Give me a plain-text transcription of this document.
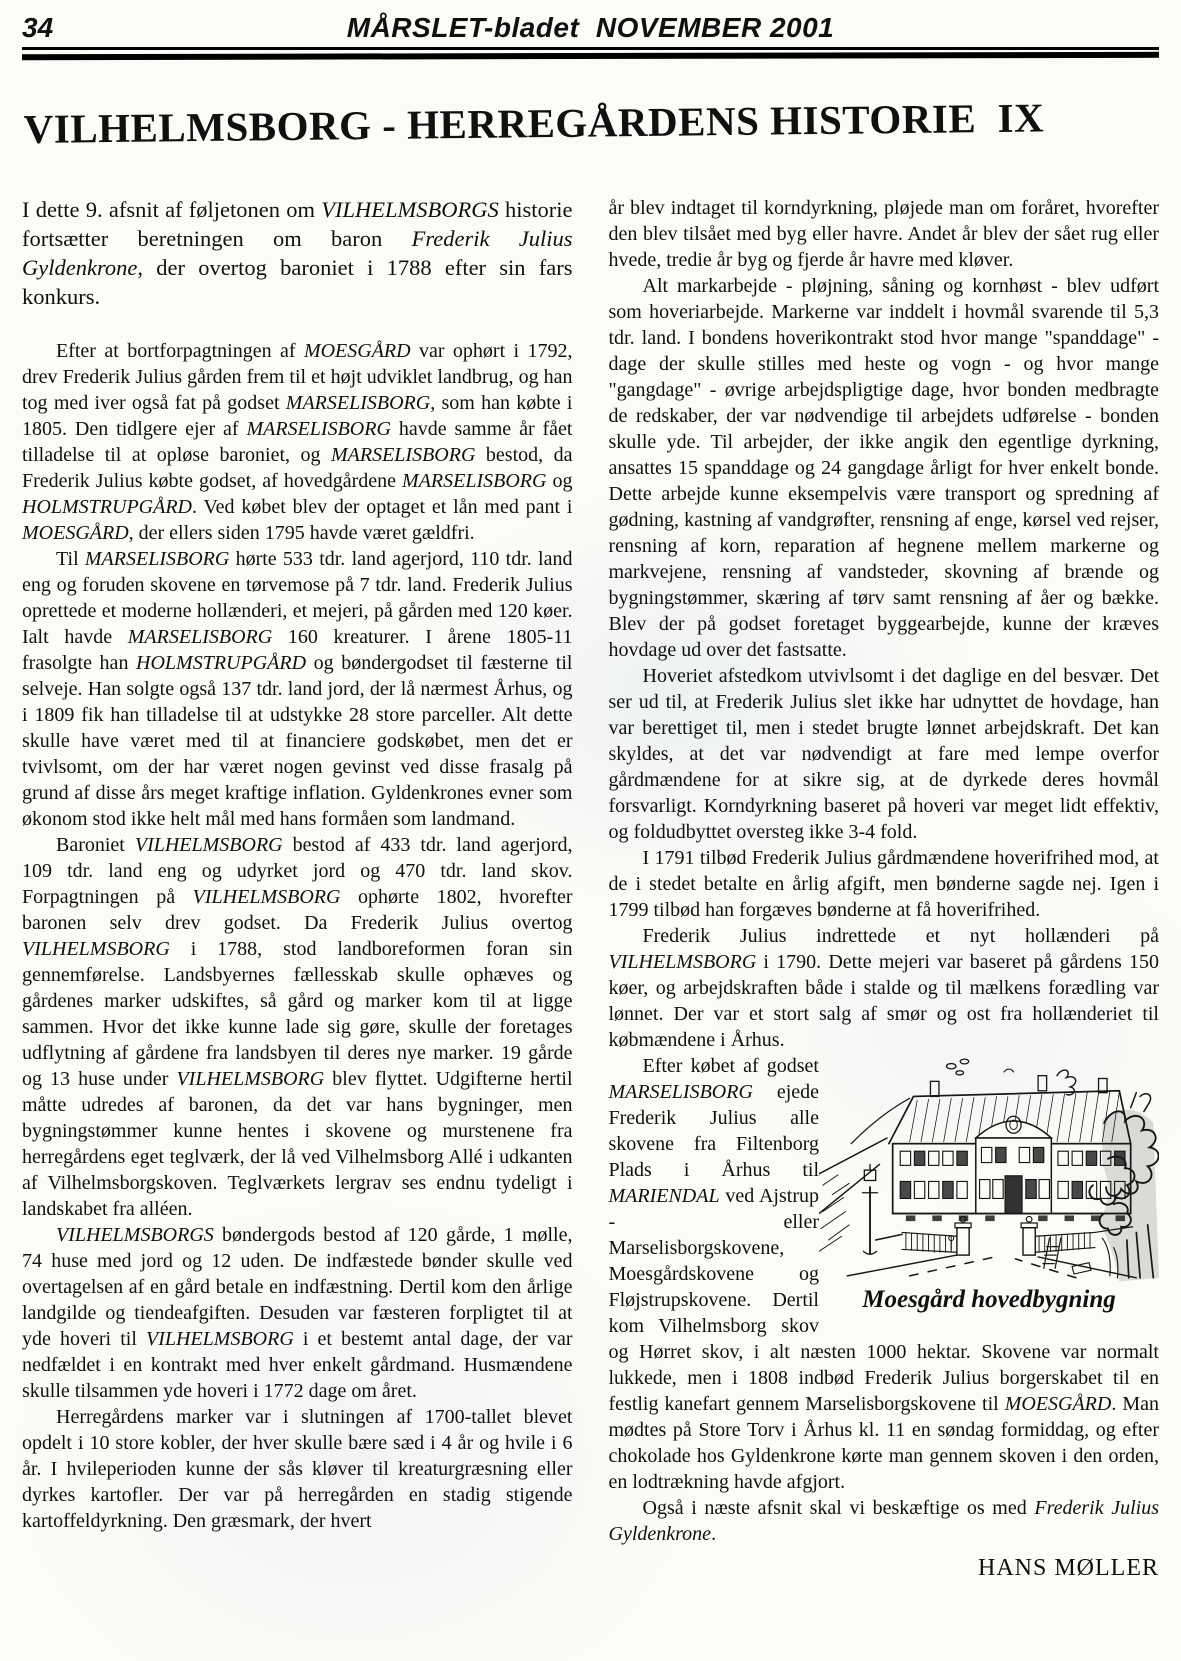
34	MÅRSLET-bladet  NOVEMBER 2001
VILHELMSBORG - HERREGÅRDENS HISTORIE  IX

I dette 9. afsnit af føljetonen om VILHELMSBORGS historie fortsætter beretningen om baron Frederik Julius Gyldenkrone, der overtog baroniet i 1788 efter sin fars konkurs.

Efter at bortforpagtningen af MOESGÅRD var ophørt i 1792, drev Frederik Julius gården frem til et højt udviklet landbrug, og han tog med iver også fat på godset MARSELISBORG, som han købte i 1805. Den tidlgere ejer af MARSELISBORG havde samme år fået tilladelse til at opløse baroniet, og MARSELISBORG bestod, da Frederik Julius købte godset, af hovedgårdene MARSELISBORG og HOLMSTRUPGÅRD. Ved købet blev der optaget et lån med pant i MOESGÅRD, der ellers siden 1795 havde været gældfri.

Til MARSELISBORG hørte 533 tdr. land agerjord, 110 tdr. land eng og foruden skovene en tørvemose på 7 tdr. land. Frederik Julius oprettede et moderne hollænderi, et mejeri, på gården med 120 køer. Ialt havde MARSELISBORG 160 kreaturer. I årene 1805-11 frasolgte han HOLMSTRUPGÅRD og bøndergodset til fæsterne til selveje. Han solgte også 137 tdr. land jord, der lå nærmest Århus, og i 1809 fik han tilladelse til at udstykke 28 store parceller. Alt dette skulle have været med til at financiere godskøbet, men det er tvivlsomt, om der har været nogen gevinst ved disse frasalg på grund af disse års meget kraftige inflation. Gyldenkrones evner som økonom stod ikke helt mål med hans formåen som landmand.

Baroniet VILHELMSBORG bestod af 433 tdr. land agerjord, 109 tdr. land eng og udyrket jord og 470 tdr. land skov. Forpagtningen på VILHELMSBORG ophørte 1802, hvorefter baronen selv drev godset. Da Frederik Julius overtog VILHELMSBORG i 1788, stod landboreformen foran sin gennemførelse. Landsbyernes fællesskab skulle ophæves og gårdenes marker udskiftes, så gård og marker kom til at ligge sammen. Hvor det ikke kunne lade sig gøre, skulle der foretages udflytning af gårdene fra landsbyen til deres nye marker. 19 gårde og 13 huse under VILHELMSBORG blev flyttet. Udgifterne hertil måtte udredes af baronen, da det var hans bygninger, men bygningstømmer kunne hentes i skovene og murstenene fra herregårdens eget teglværk, der lå ved Vilhelmsborg Allé i udkanten af Vilhelmsborgskoven. Teglværkets lergrav ses endnu tydeligt i landskabet fra alléen.

VILHELMSBORGS bøndergods bestod af 120 gårde, 1 mølle, 74 huse med jord og 12 uden. De indfæstede bønder skulle ved overtagelsen af en gård betale en indfæstning. Dertil kom den årlige landgilde og tiendeafgiften. Desuden var fæsteren forpligtet til at yde hoveri til VILHELMSBORG i et bestemt antal dage, der var nedfældet i en kontrakt med hver enkelt gårdmand. Husmændene skulle tilsammen yde hoveri i 1772 dage om året.

Herregårdens marker var i slutningen af 1700-tallet blevet opdelt i 10 store kobler, der hver skulle bære sæd i 4 år og hvile i 6 år. I hvileperioden kunne der sås kløver til kreaturgræsning eller dyrkes kartofler. Der var på herregården en stadig stigende kartoffeldyrkning. Den græsmark, der hvert

år blev indtaget til korndyrkning, pløjede man om foråret, hvorefter den blev tilsået med byg eller havre. Andet år blev der sået rug eller hvede, tredie år byg og fjerde år havre med kløver.

Alt markarbejde - pløjning, såning og kornhøst - blev udført som hoveriarbejde. Markerne var inddelt i hovmål svarende til 5,3 tdr. land. I bondens hoverikontrakt stod hvor mange "spanddage" - dage der skulle stilles med heste og vogn - og hvor mange "gangdage" - øvrige arbejdspligtige dage, hvor bonden medbragte de redskaber, der var nødvendige til arbejdets udførelse - bonden skulle yde. Til arbejder, der ikke angik den egentlige dyrkning, ansattes 15 spanddage og 24 gangdage årligt for hver enkelt bonde. Dette arbejde kunne eksempelvis være transport og spredning af gødning, kastning af vandgrøfter, rensning af enge, kørsel ved rejser, rensning af korn, reparation af hegnene mellem markerne og markvejene, rensning af vandsteder, skovning af brænde og bygningstømmer, skæring af tørv samt rensning af åer og bække. Blev der på godset foretaget byggearbejde, kunne der kræves hovdage ud over det fastsatte.

Hoveriet afstedkom utvivlsomt i det daglige en del besvær. Det ser ud til, at Frederik Julius slet ikke har udnyttet de hovdage, han var berettiget til, men i stedet brugte lønnet arbejdskraft. Det kan skyldes, at det var nødvendigt at fare med lempe overfor gårdmændene for at sikre sig, at de dyrkede deres hovmål forsvarligt. Korndyrkning baseret på hoveri var meget lidt effektiv, og foldudbyttet oversteg ikke 3-4 fold.

I 1791 tilbød Frederik Julius gårdmændene hoverifrihed mod, at de i stedet betalte en årlig afgift, men bønderne sagde nej. Igen i 1799 tilbød han forgæves bønderne at få hoverifrihed.

Frederik Julius indrettede et nyt hollænderi på VILHELMSBORG i 1790. Dette mejeri var baseret på gårdens 150 køer, og arbejdskraften både i stalde og til mælkens forædling var lønnet. Der var et stort salg af smør og ost fra hollænderiet til købmændene i Århus.

Moesgård hovedbygning

Efter købet af godset MARSELISBORG ejede Frederik Julius alle skovene fra Filtenborg Plads i Århus til MARIENDAL ved Ajstrup - eller Marselisborgskovene, Moesgårdskovene og Fløjstrupskovene. Dertil kom Vilhelmsborg skov og Hørret skov, i alt næsten 1000 hektar. Skovene var normalt lukkede, men i 1808 indbød Frederik Julius borgerskabet til en festlig kanefart gennem Marselisborgskovene til MOESGÅRD. Man mødtes på Store Torv i Århus kl. 11 en søndag formiddag, og efter chokolade hos Gyldenkrone kørte man gennem skoven i den orden, en lodtrækning havde afgjort.

Også i næste afsnit skal vi beskæftige os med Frederik Julius Gyldenkrone.

HANS MØLLER
